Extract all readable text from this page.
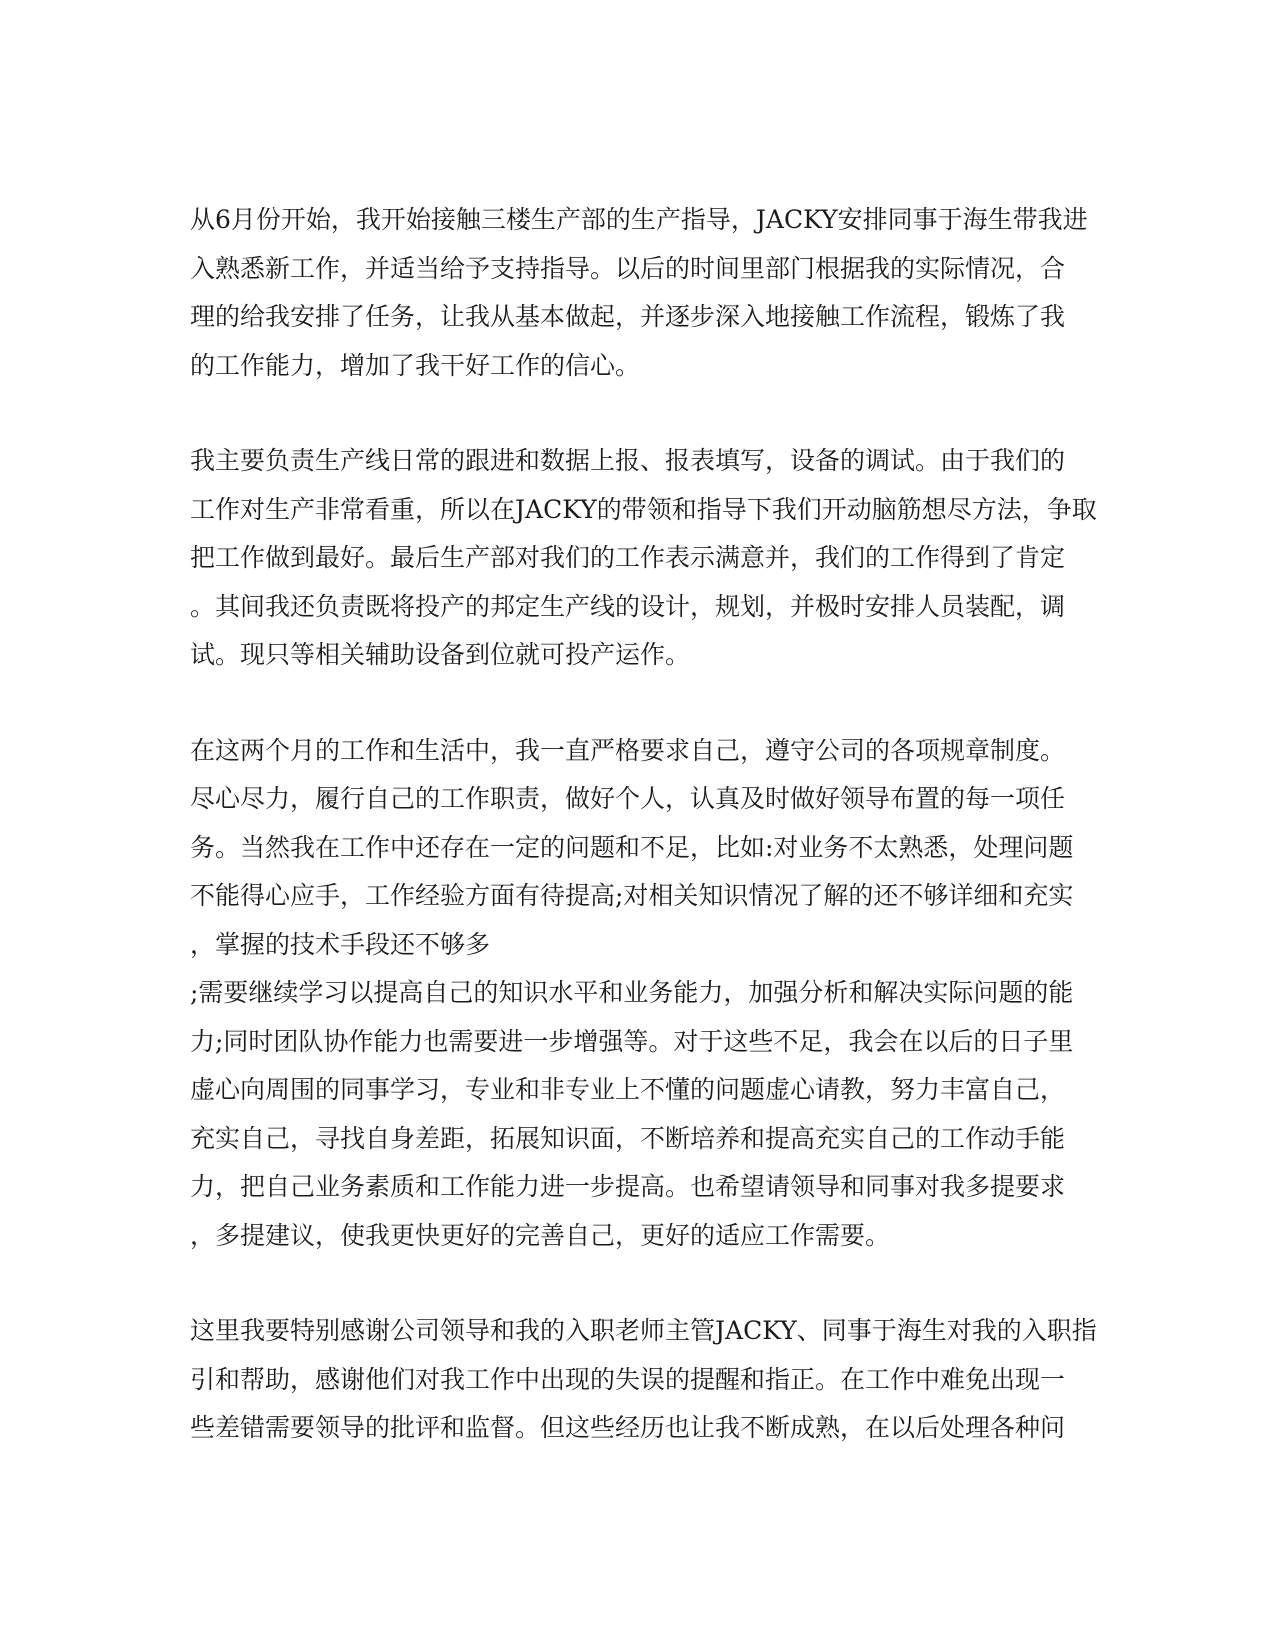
从6月份开始，我开始接触三楼生产部的生产指导，JACKY安排同事于海生带我进
入熟悉新工作，并适当给予支持指导。以后的时间里部门根据我的实际情况，合
理的给我安排了任务，让我从基本做起，并逐步深入地接触工作流程，锻炼了我
的工作能力，增加了我干好工作的信心。
我主要负责生产线日常的跟进和数据上报、报表填写，设备的调试。由于我们的
工作对生产非常看重，所以在JACKY的带领和指导下我们开动脑筋想尽方法，争取
把工作做到最好。最后生产部对我们的工作表示满意并，我们的工作得到了肯定
。其间我还负责既将投产的邦定生产线的设计，规划，并极时安排人员装配，调
试。现只等相关辅助设备到位就可投产运作。
在这两个月的工作和生活中，我一直严格要求自己，遵守公司的各项规章制度。
尽心尽力，履行自己的工作职责，做好个人，认真及时做好领导布置的每一项任
务。当然我在工作中还存在一定的问题和不足，比如:对业务不太熟悉，处理问题
不能得心应手，工作经验方面有待提高;对相关知识情况了解的还不够详细和充实
，掌握的技术手段还不够多
;需要继续学习以提高自己的知识水平和业务能力，加强分析和解决实际问题的能
力;同时团队协作能力也需要进一步增强等。对于这些不足，我会在以后的日子里
虚心向周围的同事学习，专业和非专业上不懂的问题虚心请教，努力丰富自己，
充实自己，寻找自身差距，拓展知识面，不断培养和提高充实自己的工作动手能
力，把自己业务素质和工作能力进一步提高。也希望请领导和同事对我多提要求
，多提建议，使我更快更好的完善自己，更好的适应工作需要。
这里我要特别感谢公司领导和我的入职老师主管JACKY、同事于海生对我的入职指
引和帮助，感谢他们对我工作中出现的失误的提醒和指正。在工作中难免出现一
些差错需要领导的批评和监督。但这些经历也让我不断成熟，在以后处理各种问
